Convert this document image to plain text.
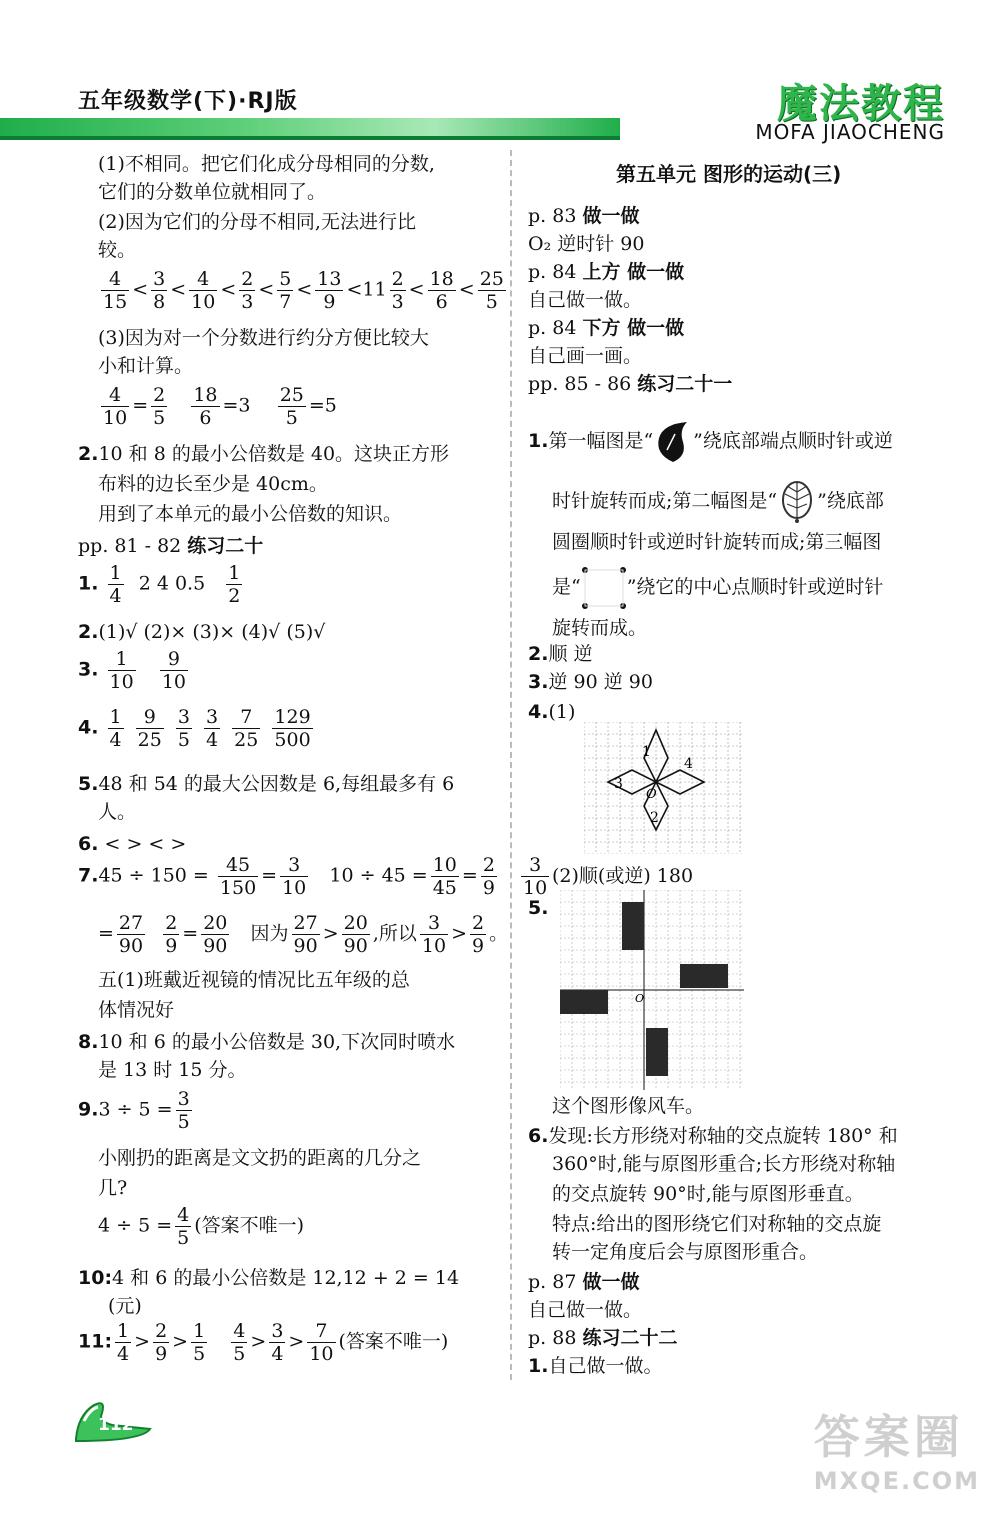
五年级数学(下)·RJ版	魔法教程
MOFA JIAOCHENG
(1)不相同。把它们化成分母相同的分数,
它们的分数单位就相同了。
(2)因为它们的分母不相同,无法进行比
较。
$\frac{4}{15} < \frac{3}{8} < \frac{4}{10} < \frac{2}{3} < \frac{5}{7} < \frac{13}{9} <11 \frac{2}{3} < \frac{18}{6} < \frac{25}{5}$
(3)因为对一个分数进行约分方便比较大
小和计算。
$\frac{4}{10} = \frac{2}{5}$
$\frac{18}{6} =3 \frac{25}{5} =5$
2.10 和 8 的最小公倍数是 40。这块正方形
布料的边长至少是 40cm。
用到了本单元的最小公倍数的知识。
pp. 81 - 82 练习二十
1. $\frac{1}{4} 2$ 4 $0.5 \frac{1}{2}$
2.(1)√ (2)× (3)× (4)√ (5)√
3. $\frac{1}{10}$
$\frac{9}{10}$
4. $\frac{1}{4}$
$\frac{9}{25}$
$\frac{3}{5}$
$\frac{3}{4}$
$\frac{7}{25}$
$\frac{129}{500}$
5.48 和 54 的最大公因数是 6,每组最多有 6
人。
6. < > < >
$7.45 \div 150 = \frac{45}{150} = \frac{3}{10} 10 \div 45 = \frac{10}{45} = \frac{2}{9}$
$\frac{3}{10}$
= $\frac{27}{90}$
$\frac{2}{9} = \frac{20}{90}$ 因为 $\frac{27}{90} > \frac{20}{90}$ ,所以 $\frac{3}{10} > \frac{2}{9}$ 。
五(1)班戴近视镜的情况比五年级的总
体情况好
8.10 和 6 的最小公倍数是 30,下次同时喷水
是 13 时 15 分。
$9.3 \div 5 = \frac{3}{5}$
小刚扔的距离是文文扔的距离的几分之
几?
$4 \div 5 = \frac{4}{5}$ (答案不唯一)
10:4 和 6 的最小公倍数是 12,12 + 2 = 14
(元)
11: $\frac{1}{4} > \frac{2}{9} > \frac{1}{5}$
$\frac{4}{5} > \frac{3}{4} > \frac{7}{10}$ (答案不唯一)
112
第五单元 图形的运动(三)
p. 83 做一做
O₂ 逆时针 90
p. 84 上方 做一做
自己做一做。
p. 84 下方 做一做
自己画一画。
pp. 85 - 86 练习二十一
1.第一幅图是“ ”绕底部端点顺时针或逆
时针旋转而成;第二幅图是“ ”绕底部
圆圈顺时针或逆时针旋转而成;第三幅图
是“ ”绕它的中心点顺时针或逆时针
旋转而成。
2.顺 逆
3.逆 90 逆 90
4.(1)
1
2
3
4
O
(2)顺(或逆) 180
5.
O
这个图形像风车。
6.发现:长方形绕对称轴的交点旋转 180° 和
360°时,能与原图形重合;长方形绕对称轴
的交点旋转 90°时,能与原图形垂直。
特点:给出的图形绕它们对称轴的交点旋
转一定角度后会与原图形重合。
p. 87 做一做
自己做一做。
p. 88 练习二十二
1.自己做一做。
答案圈
MXQE.COM
